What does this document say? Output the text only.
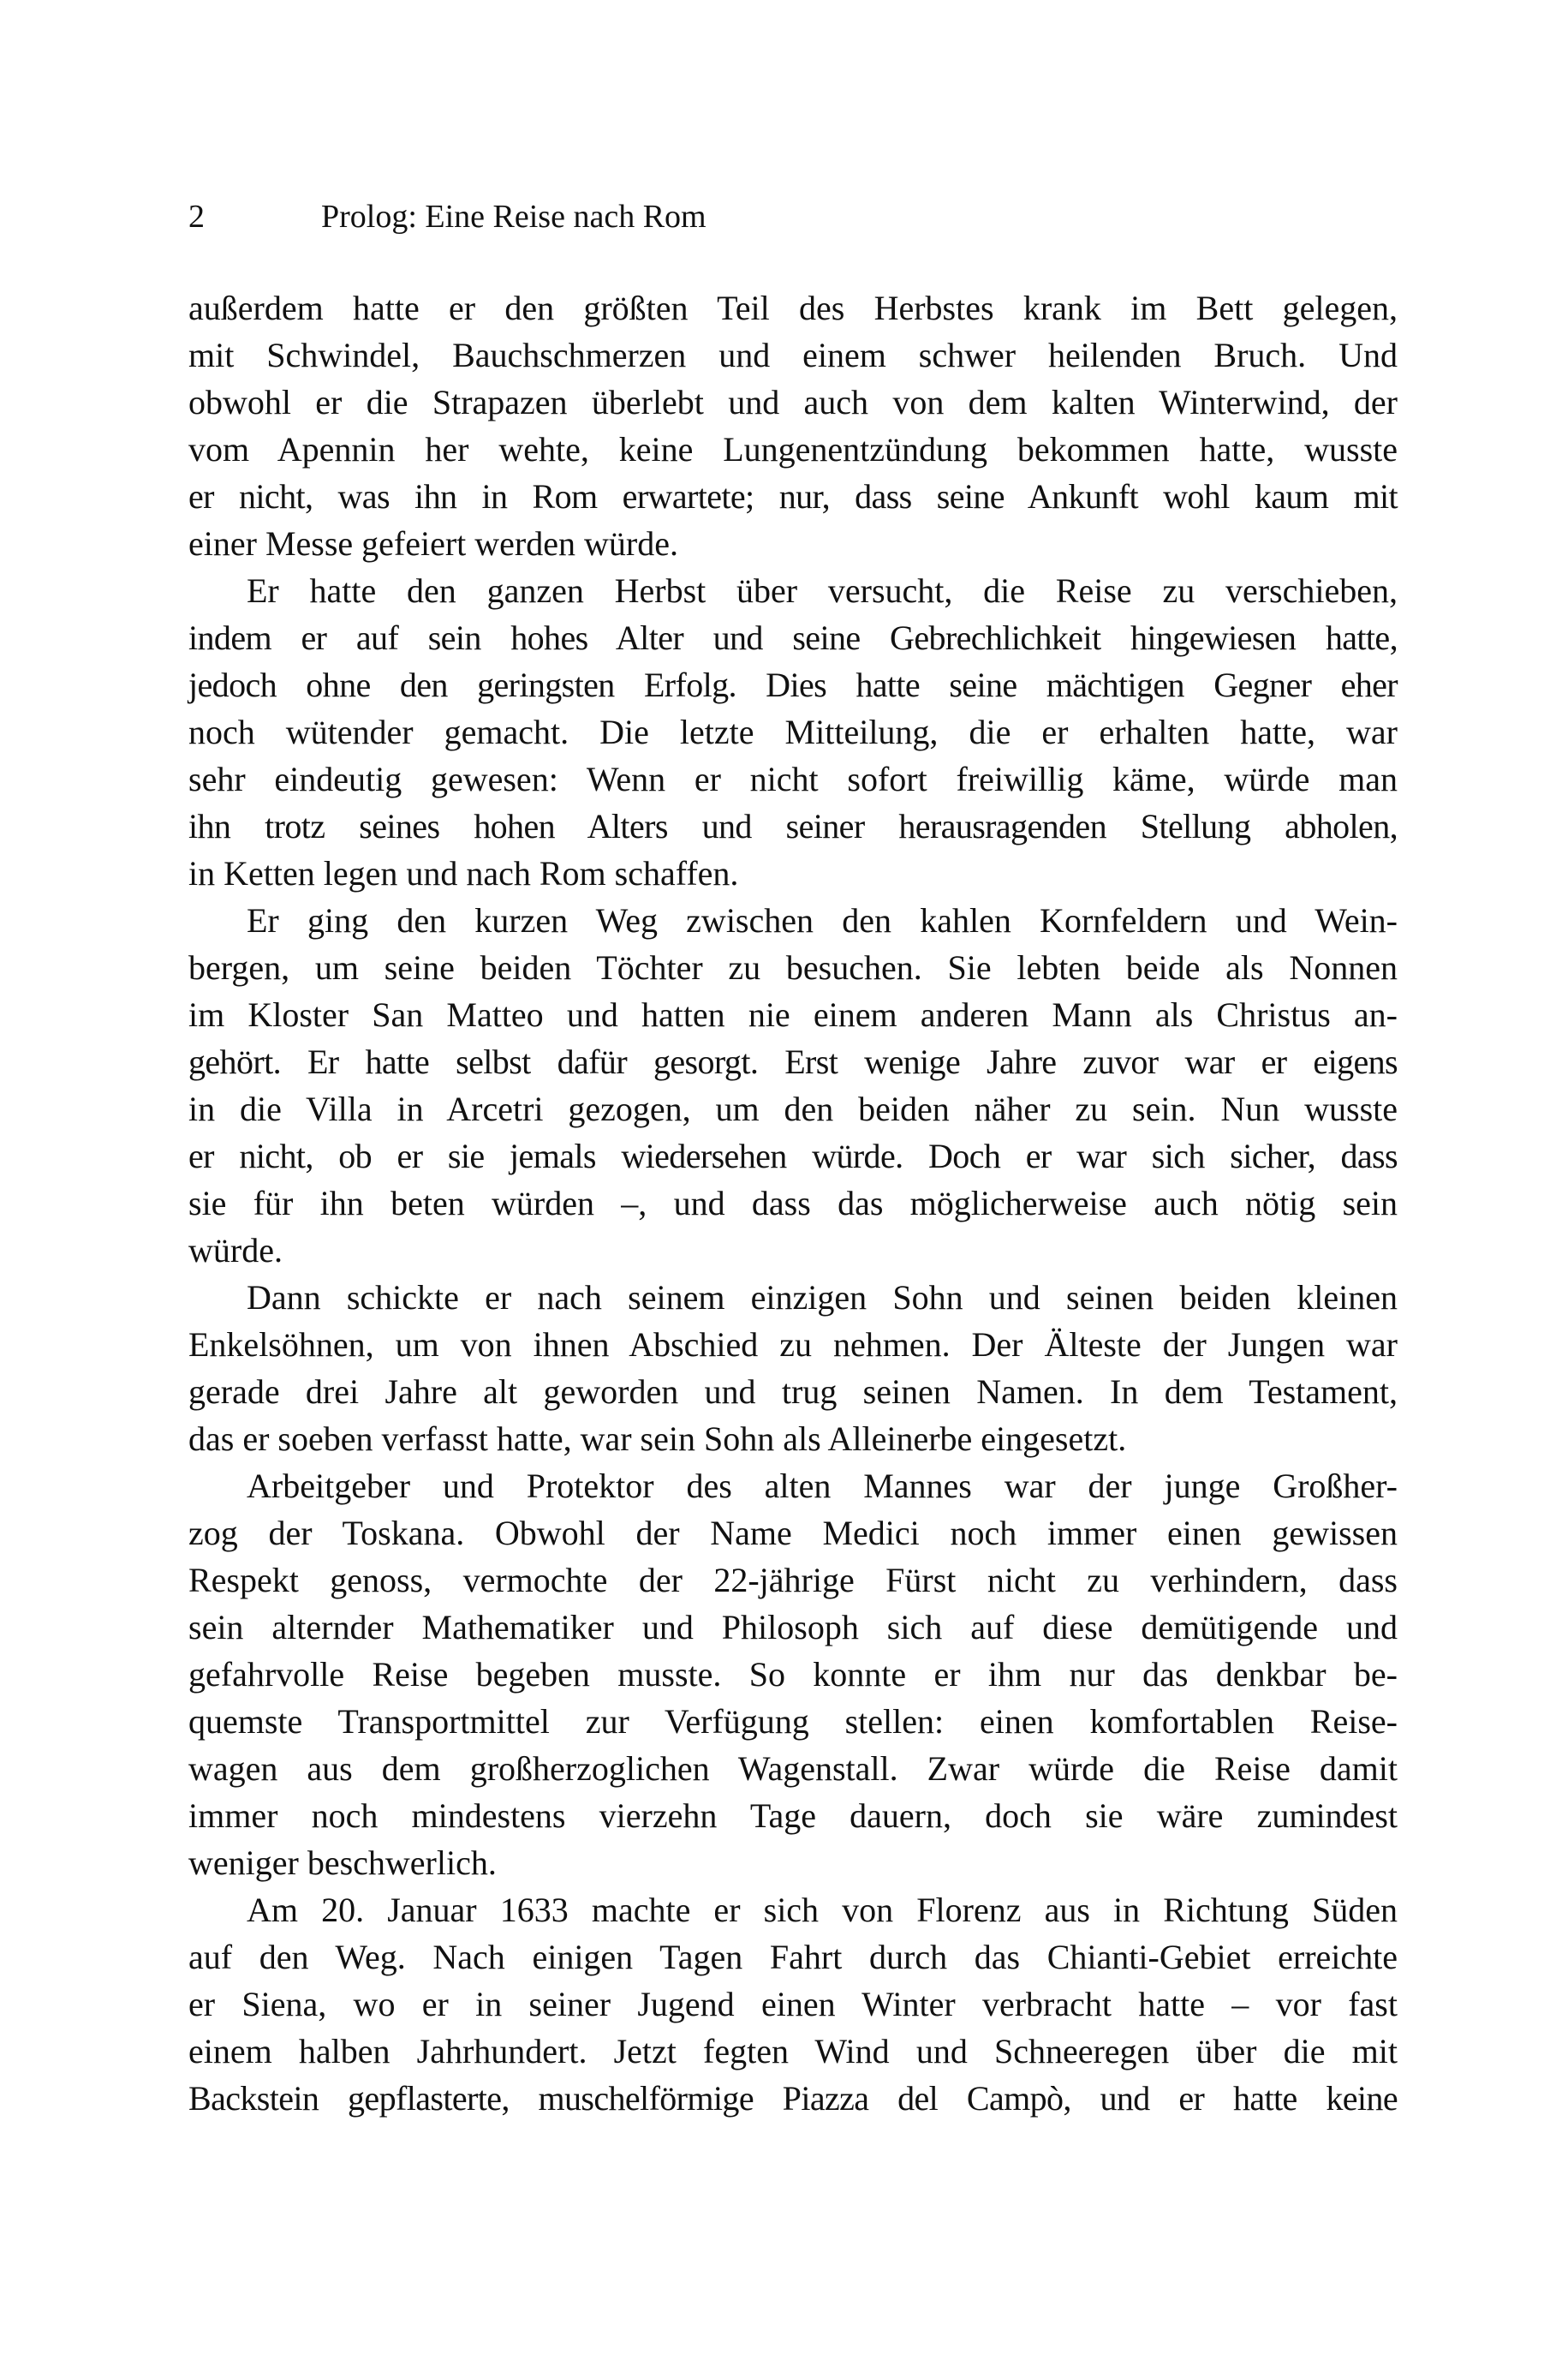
2	Prolog: Eine Reise nach Rom
außerdem hatte er den größten Teil des Herbstes krank im Bett gelegen,
mit Schwindel, Bauchschmerzen und einem schwer heilenden Bruch. Und
obwohl er die Strapazen überlebt und auch von dem kalten Winterwind, der
vom Apennin her wehte, keine Lungenentzündung bekommen hatte, wusste
er nicht, was ihn in Rom erwartete; nur, dass seine Ankunft wohl kaum mit
einer Messe gefeiert werden würde.
Er hatte den ganzen Herbst über versucht, die Reise zu verschieben,
indem er auf sein hohes Alter und seine Gebrechlichkeit hingewiesen hatte,
jedoch ohne den geringsten Erfolg. Dies hatte seine mächtigen Gegner eher
noch wütender gemacht. Die letzte Mitteilung, die er erhalten hatte, war
sehr eindeutig gewesen: Wenn er nicht sofort freiwillig käme, würde man
ihn trotz seines hohen Alters und seiner herausragenden Stellung abholen,
in Ketten legen und nach Rom schaffen.
Er ging den kurzen Weg zwischen den kahlen Kornfeldern und Wein-
bergen, um seine beiden Töchter zu besuchen. Sie lebten beide als Nonnen
im Kloster San Matteo und hatten nie einem anderen Mann als Christus an-
gehört. Er hatte selbst dafür gesorgt. Erst wenige Jahre zuvor war er eigens
in die Villa in Arcetri gezogen, um den beiden näher zu sein. Nun wusste
er nicht, ob er sie jemals wiedersehen würde. Doch er war sich sicher, dass
sie für ihn beten würden –, und dass das möglicherweise auch nötig sein
würde.
Dann schickte er nach seinem einzigen Sohn und seinen beiden kleinen
Enkelsöhnen, um von ihnen Abschied zu nehmen. Der Älteste der Jungen war
gerade drei Jahre alt geworden und trug seinen Namen. In dem Testament,
das er soeben verfasst hatte, war sein Sohn als Alleinerbe eingesetzt.
Arbeitgeber und Protektor des alten Mannes war der junge Großher-
zog der Toskana. Obwohl der Name Medici noch immer einen gewissen
Respekt genoss, vermochte der 22-jährige Fürst nicht zu verhindern, dass
sein alternder Mathematiker und Philosoph sich auf diese demütigende und
gefahrvolle Reise begeben musste. So konnte er ihm nur das denkbar be-
quemste Transportmittel zur Verfügung stellen: einen komfortablen Reise-
wagen aus dem großherzoglichen Wagenstall. Zwar würde die Reise damit
immer noch mindestens vierzehn Tage dauern, doch sie wäre zumindest
weniger beschwerlich.
Am 20. Januar 1633 machte er sich von Florenz aus in Richtung Süden
auf den Weg. Nach einigen Tagen Fahrt durch das Chianti-Gebiet erreichte
er Siena, wo er in seiner Jugend einen Winter verbracht hatte – vor fast
einem halben Jahrhundert. Jetzt fegten Wind und Schneeregen über die mit
Backstein gepflasterte, muschelförmige Piazza del Campò, und er hatte keine
